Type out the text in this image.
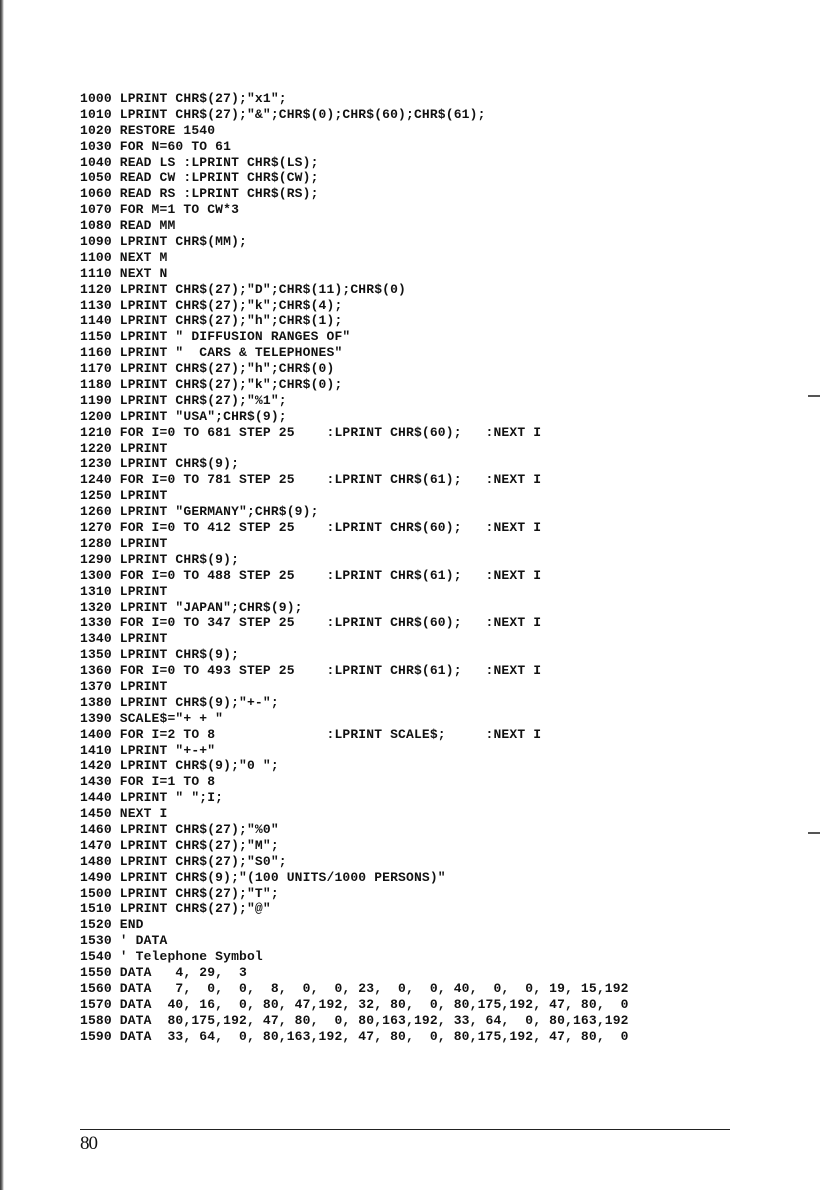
1000 LPRINT CHR$(27);"x1";
1010 LPRINT CHR$(27);"&";CHR$(0);CHR$(60);CHR$(61);
1020 RESTORE 1540
1030 FOR N=60 TO 61
1040 READ LS :LPRINT CHR$(LS);
1050 READ CW :LPRINT CHR$(CW);
1060 READ RS :LPRINT CHR$(RS);
1070 FOR M=1 TO CW*3
1080 READ MM
1090 LPRINT CHR$(MM);
1100 NEXT M
1110 NEXT N
1120 LPRINT CHR$(27);"D";CHR$(11);CHR$(0)
1130 LPRINT CHR$(27);"k";CHR$(4);
1140 LPRINT CHR$(27);"h";CHR$(1);
1150 LPRINT " DIFFUSION RANGES OF"
1160 LPRINT "  CARS & TELEPHONES"
1170 LPRINT CHR$(27);"h";CHR$(0)
1180 LPRINT CHR$(27);"k";CHR$(0);
1190 LPRINT CHR$(27);"%1";
1200 LPRINT "USA";CHR$(9);
1210 FOR I=0 TO 681 STEP 25    :LPRINT CHR$(60);   :NEXT I
1220 LPRINT
1230 LPRINT CHR$(9);
1240 FOR I=0 TO 781 STEP 25    :LPRINT CHR$(61);   :NEXT I
1250 LPRINT
1260 LPRINT "GERMANY";CHR$(9);
1270 FOR I=0 TO 412 STEP 25    :LPRINT CHR$(60);   :NEXT I
1280 LPRINT
1290 LPRINT CHR$(9);
1300 FOR I=0 TO 488 STEP 25    :LPRINT CHR$(61);   :NEXT I
1310 LPRINT
1320 LPRINT "JAPAN";CHR$(9);
1330 FOR I=0 TO 347 STEP 25    :LPRINT CHR$(60);   :NEXT I
1340 LPRINT
1350 LPRINT CHR$(9);
1360 FOR I=0 TO 493 STEP 25    :LPRINT CHR$(61);   :NEXT I
1370 LPRINT
1380 LPRINT CHR$(9);"+-";
1390 SCALE$="+ + "
1400 FOR I=2 TO 8              :LPRINT SCALE$;     :NEXT I
1410 LPRINT "+-+"
1420 LPRINT CHR$(9);"0 ";
1430 FOR I=1 TO 8
1440 LPRINT " ";I;
1450 NEXT I
1460 LPRINT CHR$(27);"%0"
1470 LPRINT CHR$(27);"M";
1480 LPRINT CHR$(27);"S0";
1490 LPRINT CHR$(9);"(100 UNITS/1000 PERSONS)"
1500 LPRINT CHR$(27);"T";
1510 LPRINT CHR$(27);"@"
1520 END
1530 ' DATA
1540 ' Telephone Symbol
1550 DATA   4, 29,  3
1560 DATA   7,  0,  0,  8,  0,  0, 23,  0,  0, 40,  0,  0, 19, 15,192
1570 DATA  40, 16,  0, 80, 47,192, 32, 80,  0, 80,175,192, 47, 80,  0
1580 DATA  80,175,192, 47, 80,  0, 80,163,192, 33, 64,  0, 80,163,192
1590 DATA  33, 64,  0, 80,163,192, 47, 80,  0, 80,175,192, 47, 80,  0
80
